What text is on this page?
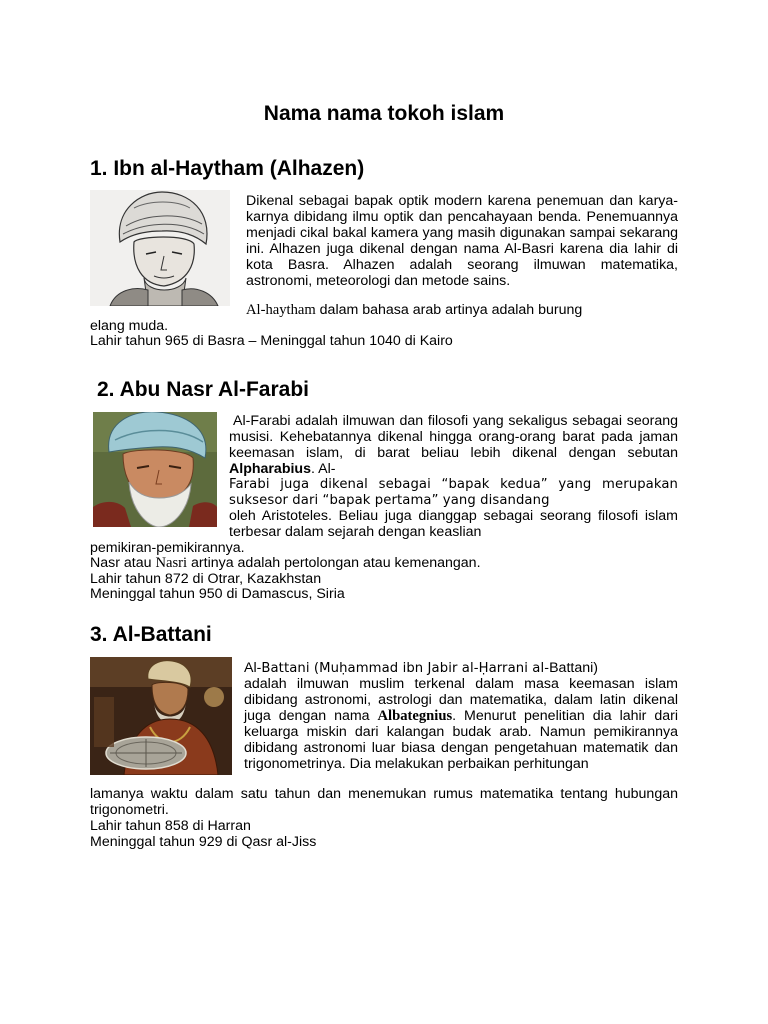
Nama nama tokoh islam
1. Ibn al-Haytham (Alhazen)

Dikenal sebagai bapak optik modern karena penemuan dan karya-karnya dibidang ilmu optik dan pencahayaan benda. Penemuannya menjadi cikal bakal kamera yang masih digunakan sampai sekarang ini. Alhazen juga dikenal dengan nama Al-Basri karena dia lahir di kota Basra. Alhazen adalah seorang ilmuwan matematika, astronomi, meteorologi dan metode sains.

Al-haytham dalam bahasa arab artinya adalah burung

elang muda.

Lahir tahun 965 di Basra – Meninggal tahun 1040 di Kairo

2. Abu Nasr Al-Farabi

Al-Farabi adalah ilmuwan dan filosofi yang sekaligus sebagai seorang musisi. Kehebatannya dikenal hingga orang-orang barat pada jaman keemasan islam, di barat beliau lebih dikenal dengan sebutan Alpharabius. Al-

Farabi juga dikenal sebagai “bapak kedua” yang merupakan suksesor dari “bapak pertama” yang disandang

oleh Aristoteles. Beliau juga dianggap sebagai seorang filosofi islam terbesar dalam sejarah dengan keaslian

pemikiran-pemikirannya.

Nasr atau Nasri artinya adalah pertolongan atau kemenangan.

Lahir tahun 872 di Otrar, Kazakhstan

Meninggal tahun 950 di Damascus, Siria

3. Al-Battani

Al-Battani (Muḥammad ibn Jabir al-Ḥarrani al-Battani)

adalah ilmuwan muslim terkenal dalam masa keemasan islam dibidang astronomi, astrologi dan matematika, dalam latin dikenal juga dengan nama Albategnius. Menurut penelitian dia lahir dari keluarga miskin dari kalangan budak arab. Namun pemikirannya dibidang astronomi luar biasa dengan pengetahuan matematik dan trigonometrinya. Dia melakukan perbaikan perhitungan

lamanya waktu dalam satu tahun dan menemukan rumus matematika tentang hubungan trigonometri.

Lahir tahun 858 di Harran

Meninggal tahun 929 di Qasr al-Jiss
